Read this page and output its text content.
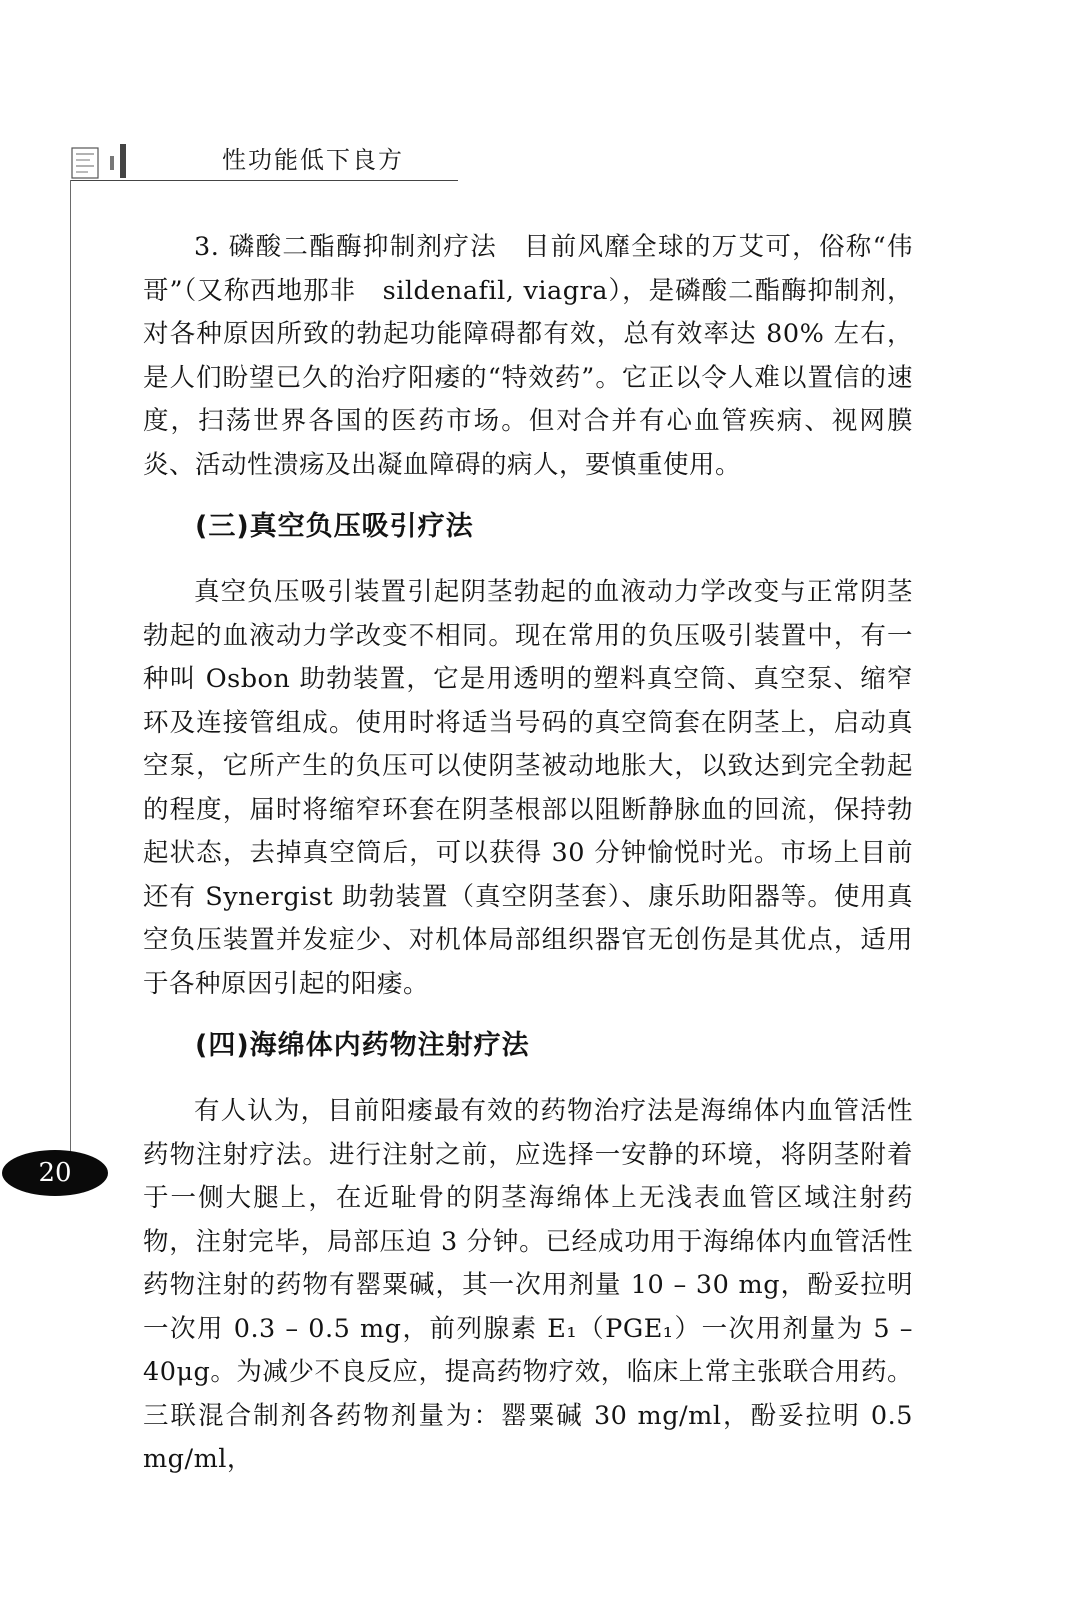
性功能低下良方
20

3. 磷酸二酯酶抑制剂疗法　目前风靡全球的万艾可，俗称“伟哥”（又称西地那非　sildenafil, viagra），是磷酸二酯酶抑制剂，对各种原因所致的勃起功能障碍都有效，总有效率达 80% 左右，是人们盼望已久的治疗阳痿的“特效药”。它正以令人难以置信的速度，扫荡世界各国的医药市场。但对合并有心血管疾病、视网膜炎、活动性溃疡及出凝血障碍的病人，要慎重使用。

(三)真空负压吸引疗法

真空负压吸引装置引起阴茎勃起的血液动力学改变与正常阴茎勃起的血液动力学改变不相同。现在常用的负压吸引装置中，有一种叫 Osbon 助勃装置，它是用透明的塑料真空筒、真空泵、缩窄环及连接管组成。使用时将适当号码的真空筒套在阴茎上，启动真空泵，它所产生的负压可以使阴茎被动地胀大，以致达到完全勃起的程度，届时将缩窄环套在阴茎根部以阻断静脉血的回流，保持勃起状态，去掉真空筒后，可以获得 30 分钟愉悦时光。市场上目前还有 Synergist 助勃装置（真空阴茎套）、康乐助阳器等。使用真空负压装置并发症少、对机体局部组织器官无创伤是其优点，适用于各种原因引起的阳痿。

(四)海绵体内药物注射疗法

有人认为，目前阳痿最有效的药物治疗法是海绵体内血管活性药物注射疗法。进行注射之前，应选择一安静的环境，将阴茎附着于一侧大腿上，在近耻骨的阴茎海绵体上无浅表血管区域注射药物，注射完毕，局部压迫 3 分钟。已经成功用于海绵体内血管活性药物注射的药物有罂粟碱，其一次用剂量 10 – 30 mg，酚妥拉明一次用 0.3 – 0.5 mg，前列腺素 E₁（PGE₁）一次用剂量为 5 – 40μg。为减少不良反应，提高药物疗效，临床上常主张联合用药。三联混合制剂各药物剂量为：罂粟碱 30 mg/ml，酚妥拉明 0.5 mg/ml，
